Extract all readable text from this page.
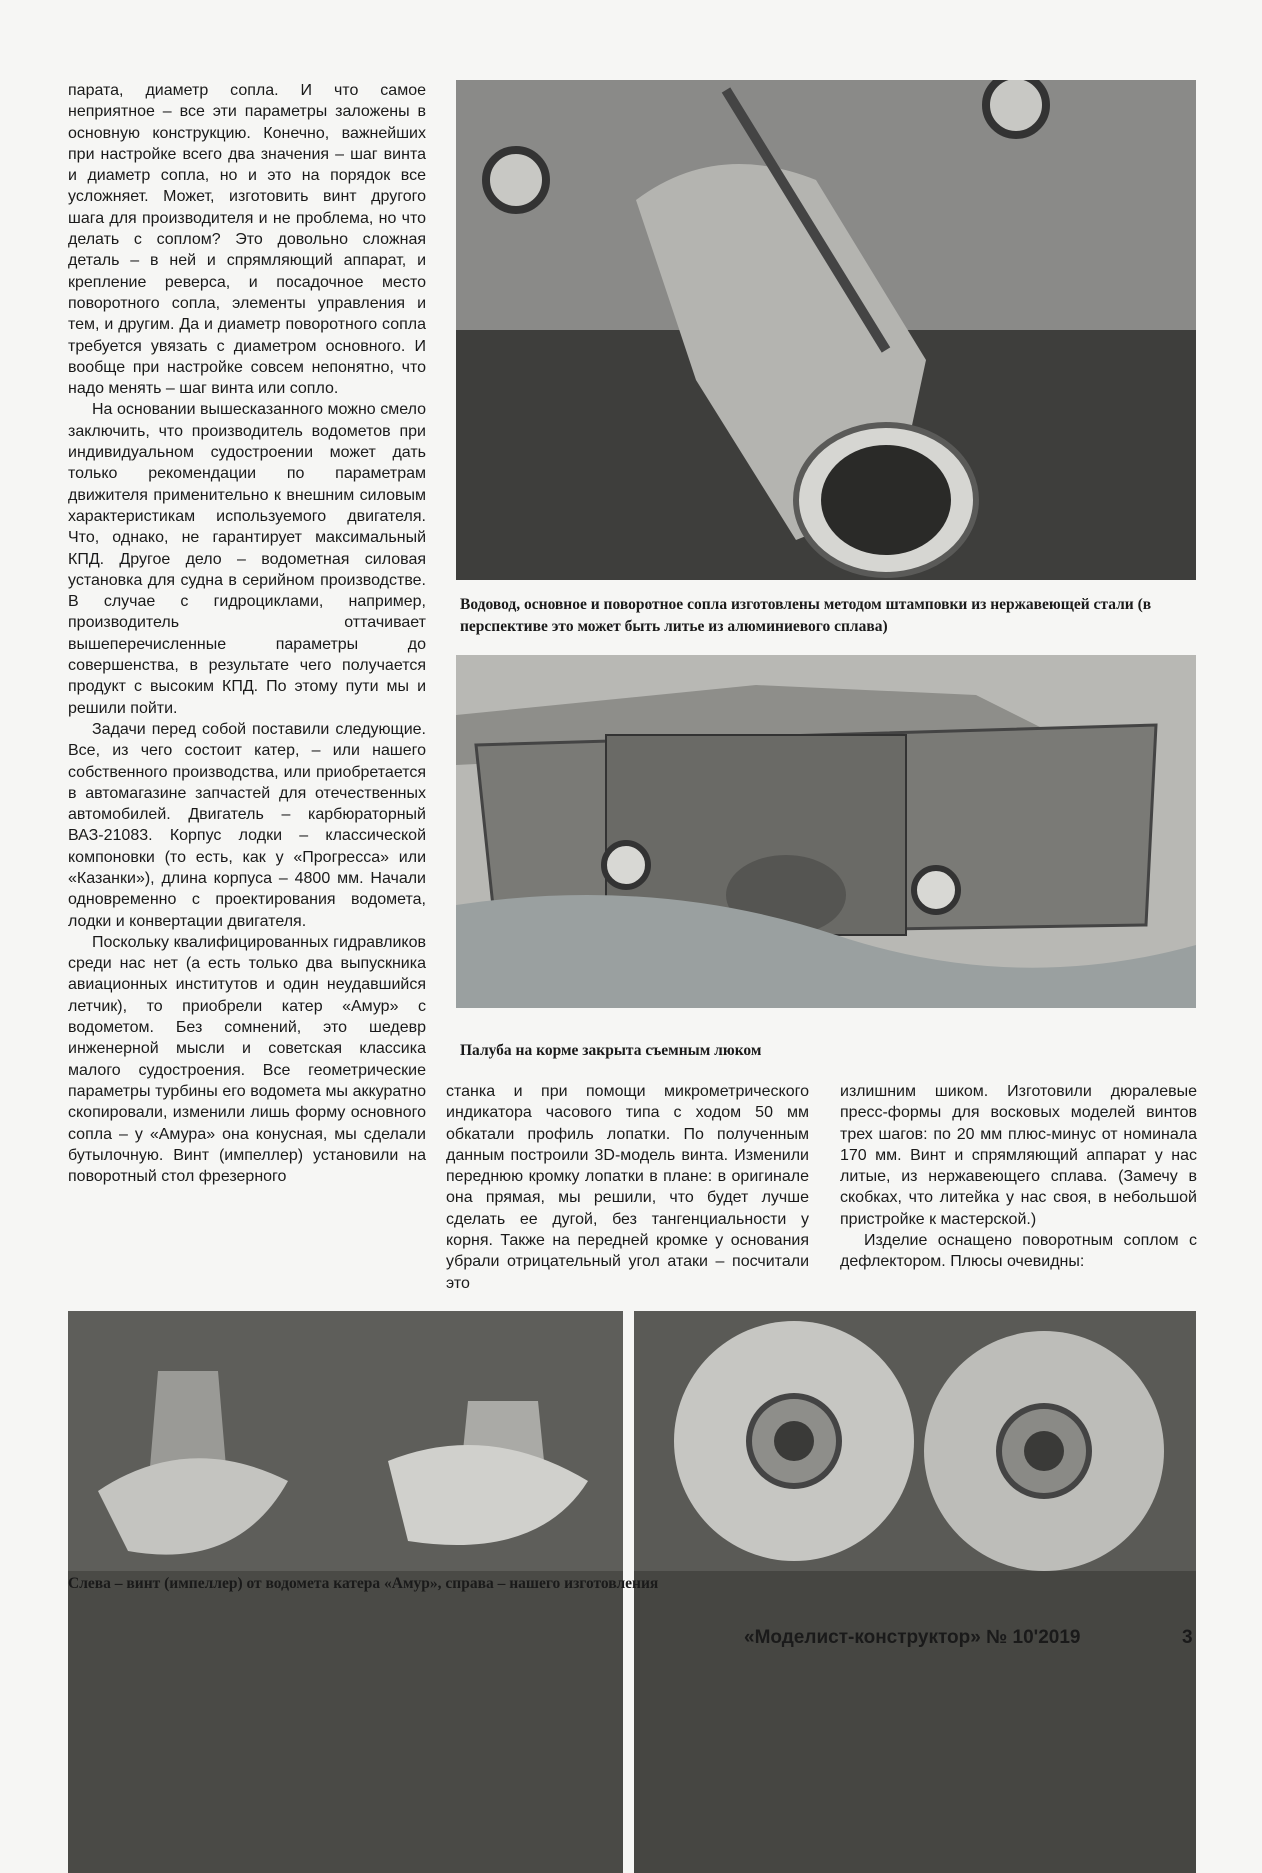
парата, диаметр сопла. И что самое неприятное – все эти параметры заложены в основную конструкцию. Конечно, важнейших при настройке всего два значения – шаг винта и диаметр сопла, но и это на порядок все усложняет. Может, изготовить винт другого шага для производителя и не проблема, но что делать с соплом? Это довольно сложная деталь – в ней и спрямляющий аппарат, и крепление реверса, и посадочное место поворотного сопла, элементы управления и тем, и другим. Да и диаметр поворотного сопла требуется увязать с диаметром основного. И вообще при настройке совсем непонятно, что надо менять – шаг винта или сопло.

На основании вышесказанного можно смело заключить, что производитель водометов при индивидуальном судостроении может дать только рекомендации по параметрам движителя применительно к внешним силовым характеристикам используемого двигателя. Что, однако, не гарантирует максимальный КПД. Другое дело – водометная силовая установка для судна в серийном производстве. В случае с гидроциклами, например, производитель оттачивает вышеперечисленные параметры до совершенства, в результате чего получается продукт с высоким КПД. По этому пути мы и решили пойти.

Задачи перед собой поставили следующие. Все, из чего состоит катер, – или нашего собственного производства, или приобретается в автомагазине запчастей для отечественных автомобилей. Двигатель – карбюраторный ВАЗ-21083. Корпус лодки – классической компоновки (то есть, как у «Прогресса» или «Казанки»), длина корпуса – 4800 мм. Начали одновременно с проектирования водомета, лодки и конвертации двигателя.

Поскольку квалифицированных гидравликов среди нас нет (а есть только два выпускника авиационных институтов и один неудавшийся летчик), то приобрели катер «Амур» с водометом. Без сомнений, это шедевр инженерной мысли и советская классика малого судостроения. Все геометрические параметры турбины его водомета мы аккуратно скопировали, изменили лишь форму основного сопла – у «Амура» она конусная, мы сделали бутылочную. Винт (импеллер) установили на поворотный стол фрезерного

станка и при помощи микрометрического индикатора часового типа с ходом 50 мм обкатали профиль лопатки. По полученным данным построили 3D-модель винта. Изменили переднюю кромку лопатки в плане: в оригинале она прямая, мы решили, что будет лучше сделать ее дугой, без тангенциальности у корня. Также на передней кромке у основания убрали отрицательный угол атаки – посчитали это

излишним шиком. Изготовили дюралевые пресс-формы для восковых моделей винтов трех шагов: по 20 мм плюс-минус от номинала 170 мм. Винт и спрямляющий аппарат у нас литые, из нержавеющего сплава. (Замечу в скобках, что литейка у нас своя, в небольшой пристройке к мастерской.)

Изделие оснащено поворотным соплом с дефлектором. Плюсы очевидны:

Водовод, основное и поворотное сопла изготовлены методом штамповки из нержавеющей стали (в перспективе это может быть литье из алюминиевого сплава)
Палуба на корме закрыта съемным люком
Слева – винт (импеллер) от водомета катера «Амур», справа – нашего изготовления
«Моделист-конструктор» № 10'2019	3
